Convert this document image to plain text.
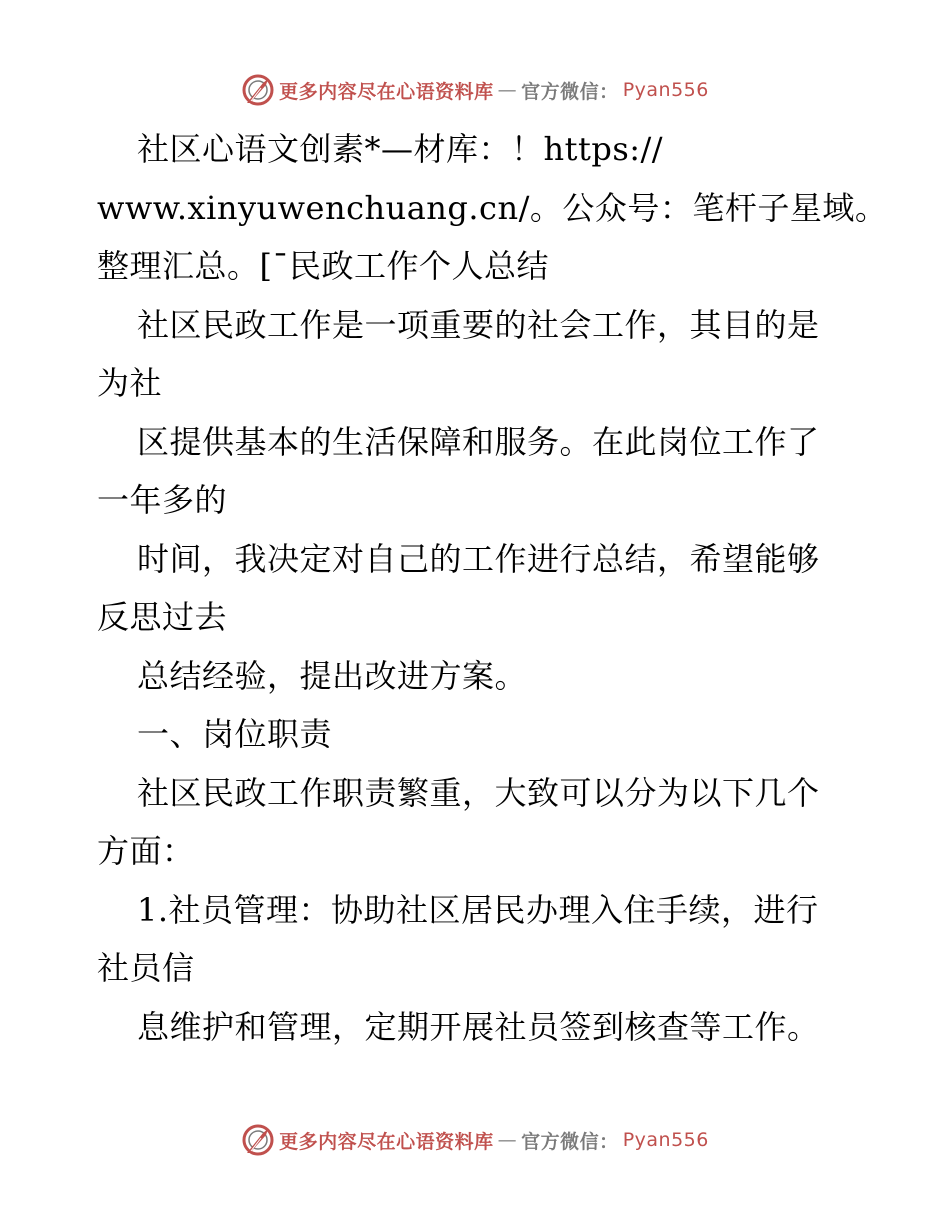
更多内容尽在心语资料库 — 官方微信： Pyan556
社区心语文创素*—材库：！https://
www.xinyuwenchuang.cn/。公众号：笔杆子星域。
整理汇总。[¯民政工作个人总结
社区民政工作是一项重要的社会工作，其目的是
为社
区提供基本的生活保障和服务。在此岗位工作了
一年多的
时间，我决定对自己的工作进行总结，希望能够
反思过去
总结经验，提出改进方案。
一、岗位职责
社区民政工作职责繁重，大致可以分为以下几个
方面：
1.社员管理：协助社区居民办理入住手续，进行
社员信
息维护和管理，定期开展社员签到核查等工作。
更多内容尽在心语资料库 — 官方微信： Pyan556
